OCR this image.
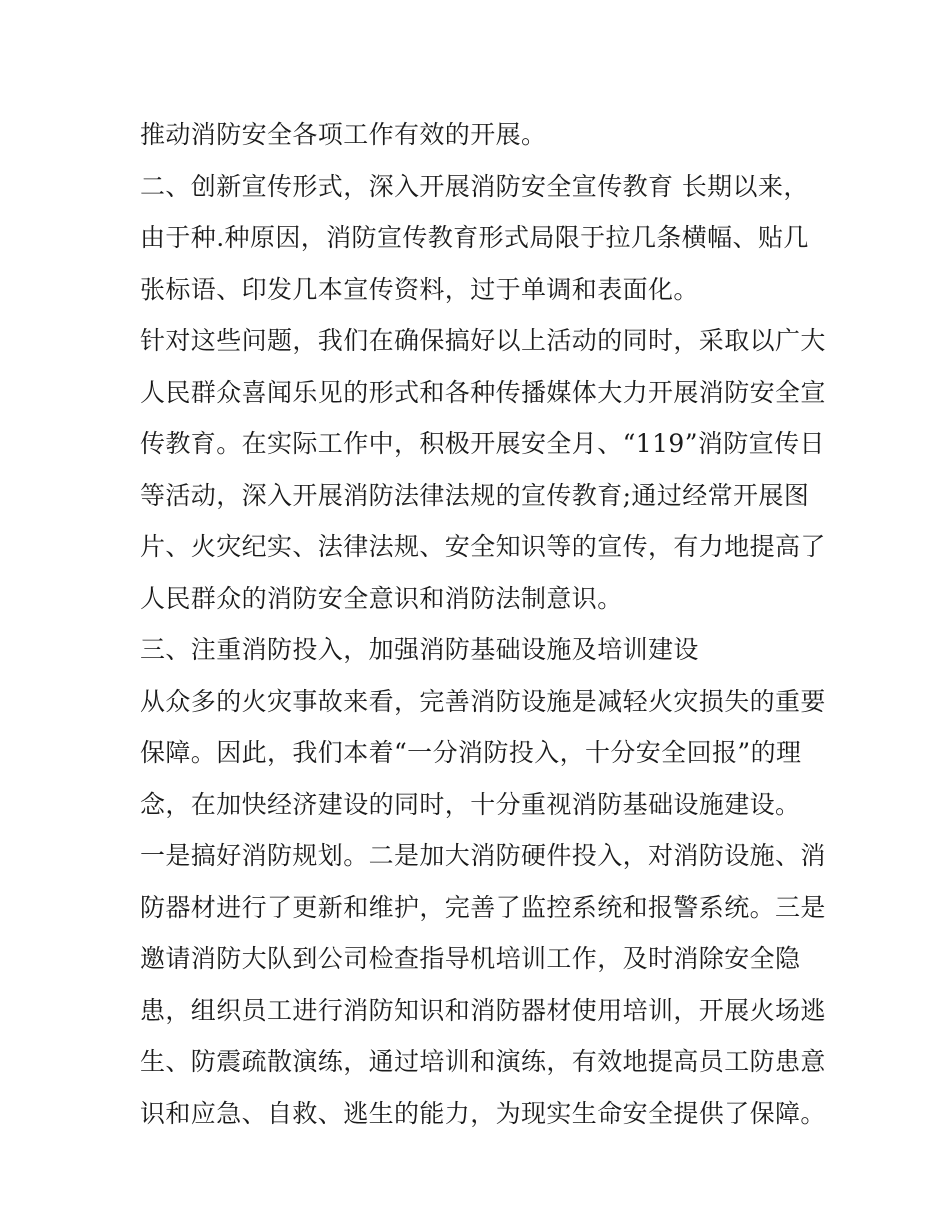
推动消防安全各项工作有效的开展。
二、创新宣传形式，深入开展消防安全宣传教育 长期以来，
由于种.种原因，消防宣传教育形式局限于拉几条横幅、贴几
张标语、印发几本宣传资料，过于单调和表面化。
针对这些问题，我们在确保搞好以上活动的同时，采取以广大
人民群众喜闻乐见的形式和各种传播媒体大力开展消防安全宣
传教育。在实际工作中，积极开展安全月、“119”消防宣传日
等活动，深入开展消防法律法规的宣传教育;通过经常开展图
片、火灾纪实、法律法规、安全知识等的宣传，有力地提高了
人民群众的消防安全意识和消防法制意识。
三、注重消防投入，加强消防基础设施及培训建设
从众多的火灾事故来看，完善消防设施是减轻火灾损失的重要
保障。因此，我们本着“一分消防投入，十分安全回报”的理
念，在加快经济建设的同时，十分重视消防基础设施建设。
一是搞好消防规划。二是加大消防硬件投入，对消防设施、消
防器材进行了更新和维护，完善了监控系统和报警系统。三是
邀请消防大队到公司检查指导机培训工作，及时消除安全隐
患，组织员工进行消防知识和消防器材使用培训，开展火场逃
生、防震疏散演练，通过培训和演练，有效地提高员工防患意
识和应急、自救、逃生的能力，为现实生命安全提供了保障。
